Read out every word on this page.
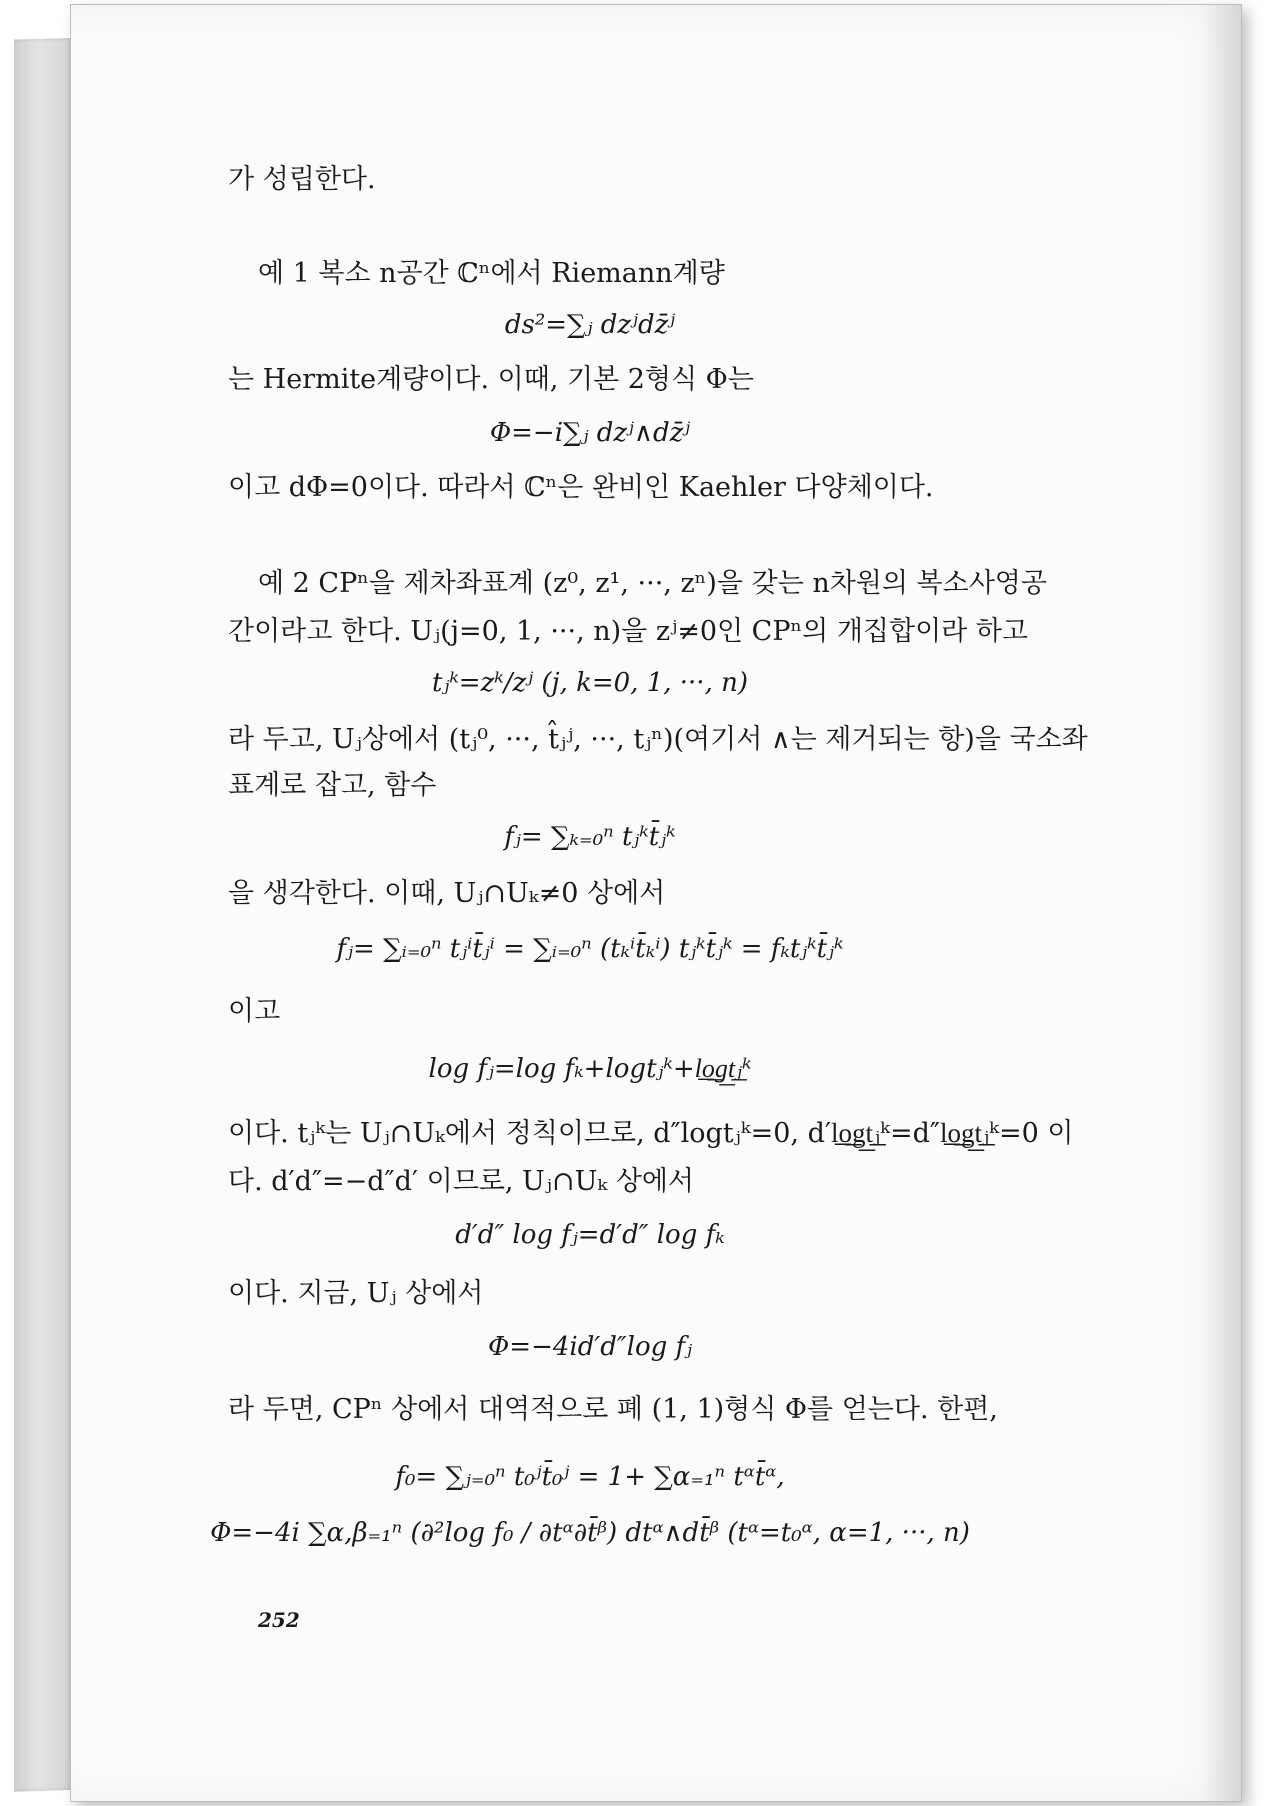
가 성립한다.
예 1 복소 n공간 ℂⁿ에서 Riemann계량
ds²=∑ⱼ dzʲdz̄ʲ
는 Hermite계량이다. 이때, 기본 2형식 Φ는
Φ=−i∑ⱼ dzʲ∧dz̄ʲ
이고 dΦ=0이다. 따라서 ℂⁿ은 완비인 Kaehler 다양체이다.
예 2 CPⁿ을 제차좌표계 (z⁰, z¹, ···, zⁿ)을 갖는 n차원의 복소사영공
간이라고 한다. Uⱼ(j=0, 1, ···, n)을 zʲ≠0인 CPⁿ의 개집합이라 하고
tⱼᵏ=zᵏ/zʲ (j, k=0, 1, ···, n)
라 두고, Uⱼ상에서 (tⱼ⁰, ···, t̂ⱼʲ, ···, tⱼⁿ)(여기서 ∧는 제거되는 항)을 국소좌
표계로 잡고, 함수
fⱼ= ∑ₖ₌₀ⁿ tⱼᵏt̄ⱼᵏ
을 생각한다. 이때, Uⱼ∩Uₖ≠0 상에서
fⱼ= ∑ᵢ₌₀ⁿ tⱼⁱt̄ⱼⁱ = ∑ᵢ₌₀ⁿ (tₖⁱt̄ₖⁱ) tⱼᵏt̄ⱼᵏ = fₖtⱼᵏt̄ⱼᵏ
이고
log fⱼ=log fₖ+logtⱼᵏ+l͟o͟g͟t͟ⱼᵏ
이다. tⱼᵏ는 Uⱼ∩Uₖ에서 정칙이므로, d″logtⱼᵏ=0, d′l͟o͟g͟t͟ⱼᵏ=d″l͟o͟g͟t͟ⱼᵏ=0 이
다. d′d″=−d″d′ 이므로, Uⱼ∩Uₖ 상에서
d′d″ log fⱼ=d′d″ log fₖ
이다. 지금, Uⱼ 상에서
Φ=−4id′d″log fⱼ
라 두면, CPⁿ 상에서 대역적으로 폐 (1, 1)형식 Φ를 얻는다. 한편,
f₀= ∑ⱼ₌₀ⁿ t₀ʲt̄₀ʲ = 1+ ∑α₌₁ⁿ tᵅt̄ᵅ,
Φ=−4i ∑α,β₌₁ⁿ (∂²log f₀ / ∂tᵅ∂t̄ᵝ) dtᵅ∧dt̄ᵝ (tᵅ=t₀ᵅ, α=1, ···, n)
252
